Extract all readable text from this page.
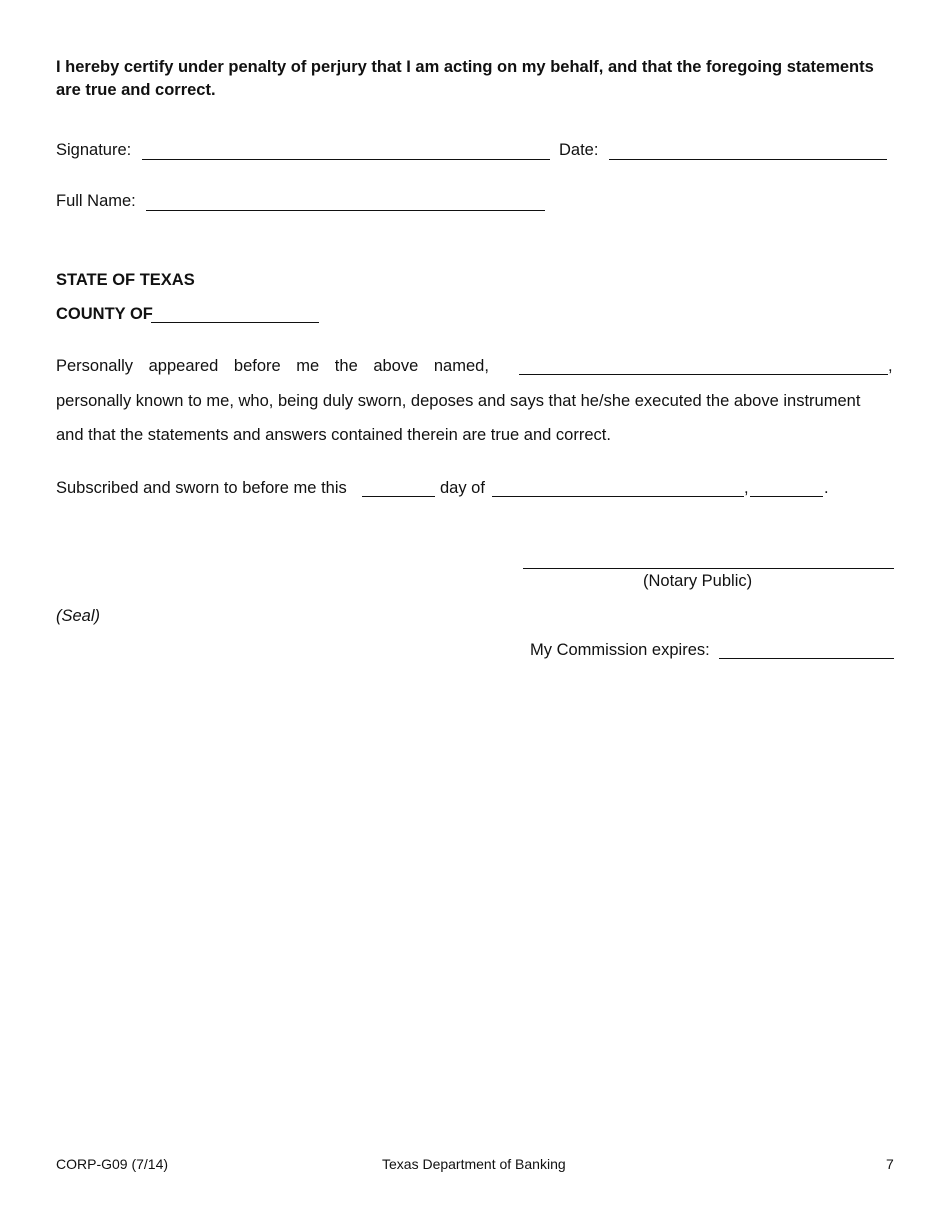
I hereby certify under penalty of perjury that I am acting on my behalf, and that the foregoing statements are true and correct.
Signature:	Date:
Full Name:
STATE OF TEXAS
COUNTY OF
Personally appeared before me the above named,	,
personally known to me, who, being duly sworn, deposes and says that he/she executed the above instrument
and that the statements and answers contained therein are true and correct.
Subscribed and sworn to before me this	day of	,	.
(Notary Public)
(Seal)
My Commission expires:
CORP-G09 (7/14)	Texas Department of Banking	7
